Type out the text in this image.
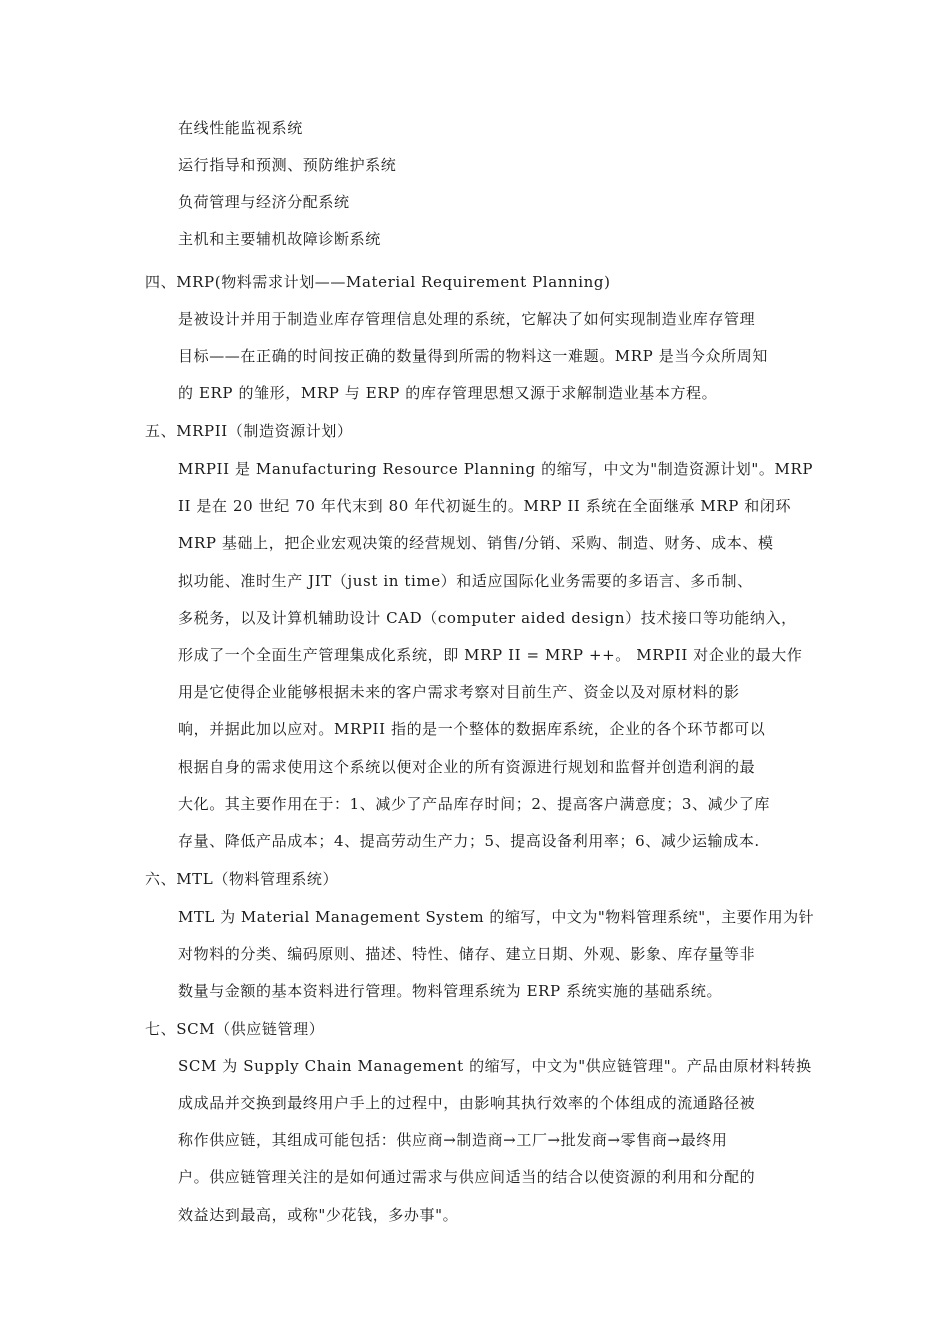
在线性能监视系统
运行指导和预测、预防维护系统
负荷管理与经济分配系统
主机和主要辅机故障诊断系统
四、MRP(物料需求计划——Material Requirement Planning)
是被设计并用于制造业库存管理信息处理的系统，它解决了如何实现制造业库存管理
目标——在正确的时间按正确的数量得到所需的物料这一难题。MRP 是当今众所周知
的 ERP 的雏形，MRP 与 ERP 的库存管理思想又源于求解制造业基本方程。
五、MRPII（制造资源计划）
MRPII 是 Manufacturing Resource Planning 的缩写，中文为"制造资源计划"。MRP
II 是在 20 世纪 70 年代末到 80 年代初诞生的。MRP II 系统在全面继承 MRP 和闭环
MRP 基础上，把企业宏观决策的经营规划、销售/分销、采购、制造、财务、成本、模
拟功能、准时生产 JIT（just in time）和适应国际化业务需要的多语言、多币制、
多税务，以及计算机辅助设计 CAD（computer aided design）技术接口等功能纳入，
形成了一个全面生产管理集成化系统，即 MRP II = MRP ++。 MRPII 对企业的最大作
用是它使得企业能够根据未来的客户需求考察对目前生产、资金以及对原材料的影
响，并据此加以应对。MRPII 指的是一个整体的数据库系统，企业的各个环节都可以
根据自身的需求使用这个系统以便对企业的所有资源进行规划和监督并创造利润的最
大化。其主要作用在于：1、减少了产品库存时间；2、提高客户满意度；3、减少了库
存量、降低产品成本；4、提高劳动生产力；5、提高设备利用率；6、减少运输成本.
六、MTL（物料管理系统）
MTL 为 Material Management System 的缩写，中文为"物料管理系统"，主要作用为针
对物料的分类、编码原则、描述、特性、储存、建立日期、外观、影象、库存量等非
数量与金额的基本资料进行管理。物料管理系统为 ERP 系统实施的基础系统。
七、SCM（供应链管理）
SCM 为 Supply Chain Management 的缩写，中文为"供应链管理"。产品由原材料转换
成成品并交换到最终用户手上的过程中，由影响其执行效率的个体组成的流通路径被
称作供应链，其组成可能包括：供应商→制造商→工厂→批发商→零售商→最终用
户。供应链管理关注的是如何通过需求与供应间适当的结合以使资源的利用和分配的
效益达到最高，或称"少花钱，多办事"。
